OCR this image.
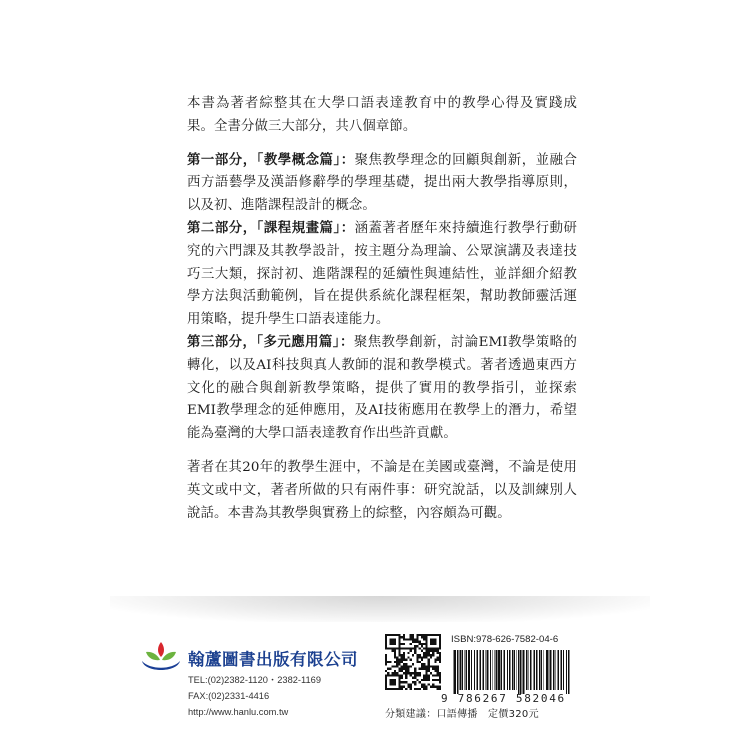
本書為著者綜整其在大學口語表達教育中的教學心得及實踐成果。全書分做三大部分，共八個章節。

第一部分，「教學概念篇」：聚焦教學理念的回顧與創新，並融合西方語藝學及漢語修辭學的學理基礎，提出兩大教學指導原則，以及初、進階課程設計的概念。

第二部分，「課程規畫篇」：涵蓋著者歷年來持續進行教學行動研究的六門課及其教學設計，按主題分為理論、公眾演講及表達技巧三大類，探討初、進階課程的延續性與連結性，並詳細介紹教學方法與活動範例，旨在提供系統化課程框架，幫助教師靈活運用策略，提升學生口語表達能力。

第三部分，「多元應用篇」：聚焦教學創新，討論EMI教學策略的轉化，以及AI科技與真人教師的混和教學模式。著者透過東西方文化的融合與創新教學策略，提供了實用的教學指引，並探索EMI教學理念的延伸應用，及AI技術應用在教學上的潛力，希望能為臺灣的大學口語表達教育作出些許貢獻。

著者在其20年的教學生涯中，不論是在美國或臺灣，不論是使用英文或中文，著者所做的只有兩件事：研究說話，以及訓練別人說話。本書為其教學與實務上的綜整，內容頗為可觀。

翰蘆圖書出版有限公司
TEL:(02)2382-1120・2382-1169
FAX:(02)2331-4416
http://www.hanlu.com.tw
ISBN:978-626-7582-04-6
9 786267 582046
分類建議：口語傳播　定價320元
